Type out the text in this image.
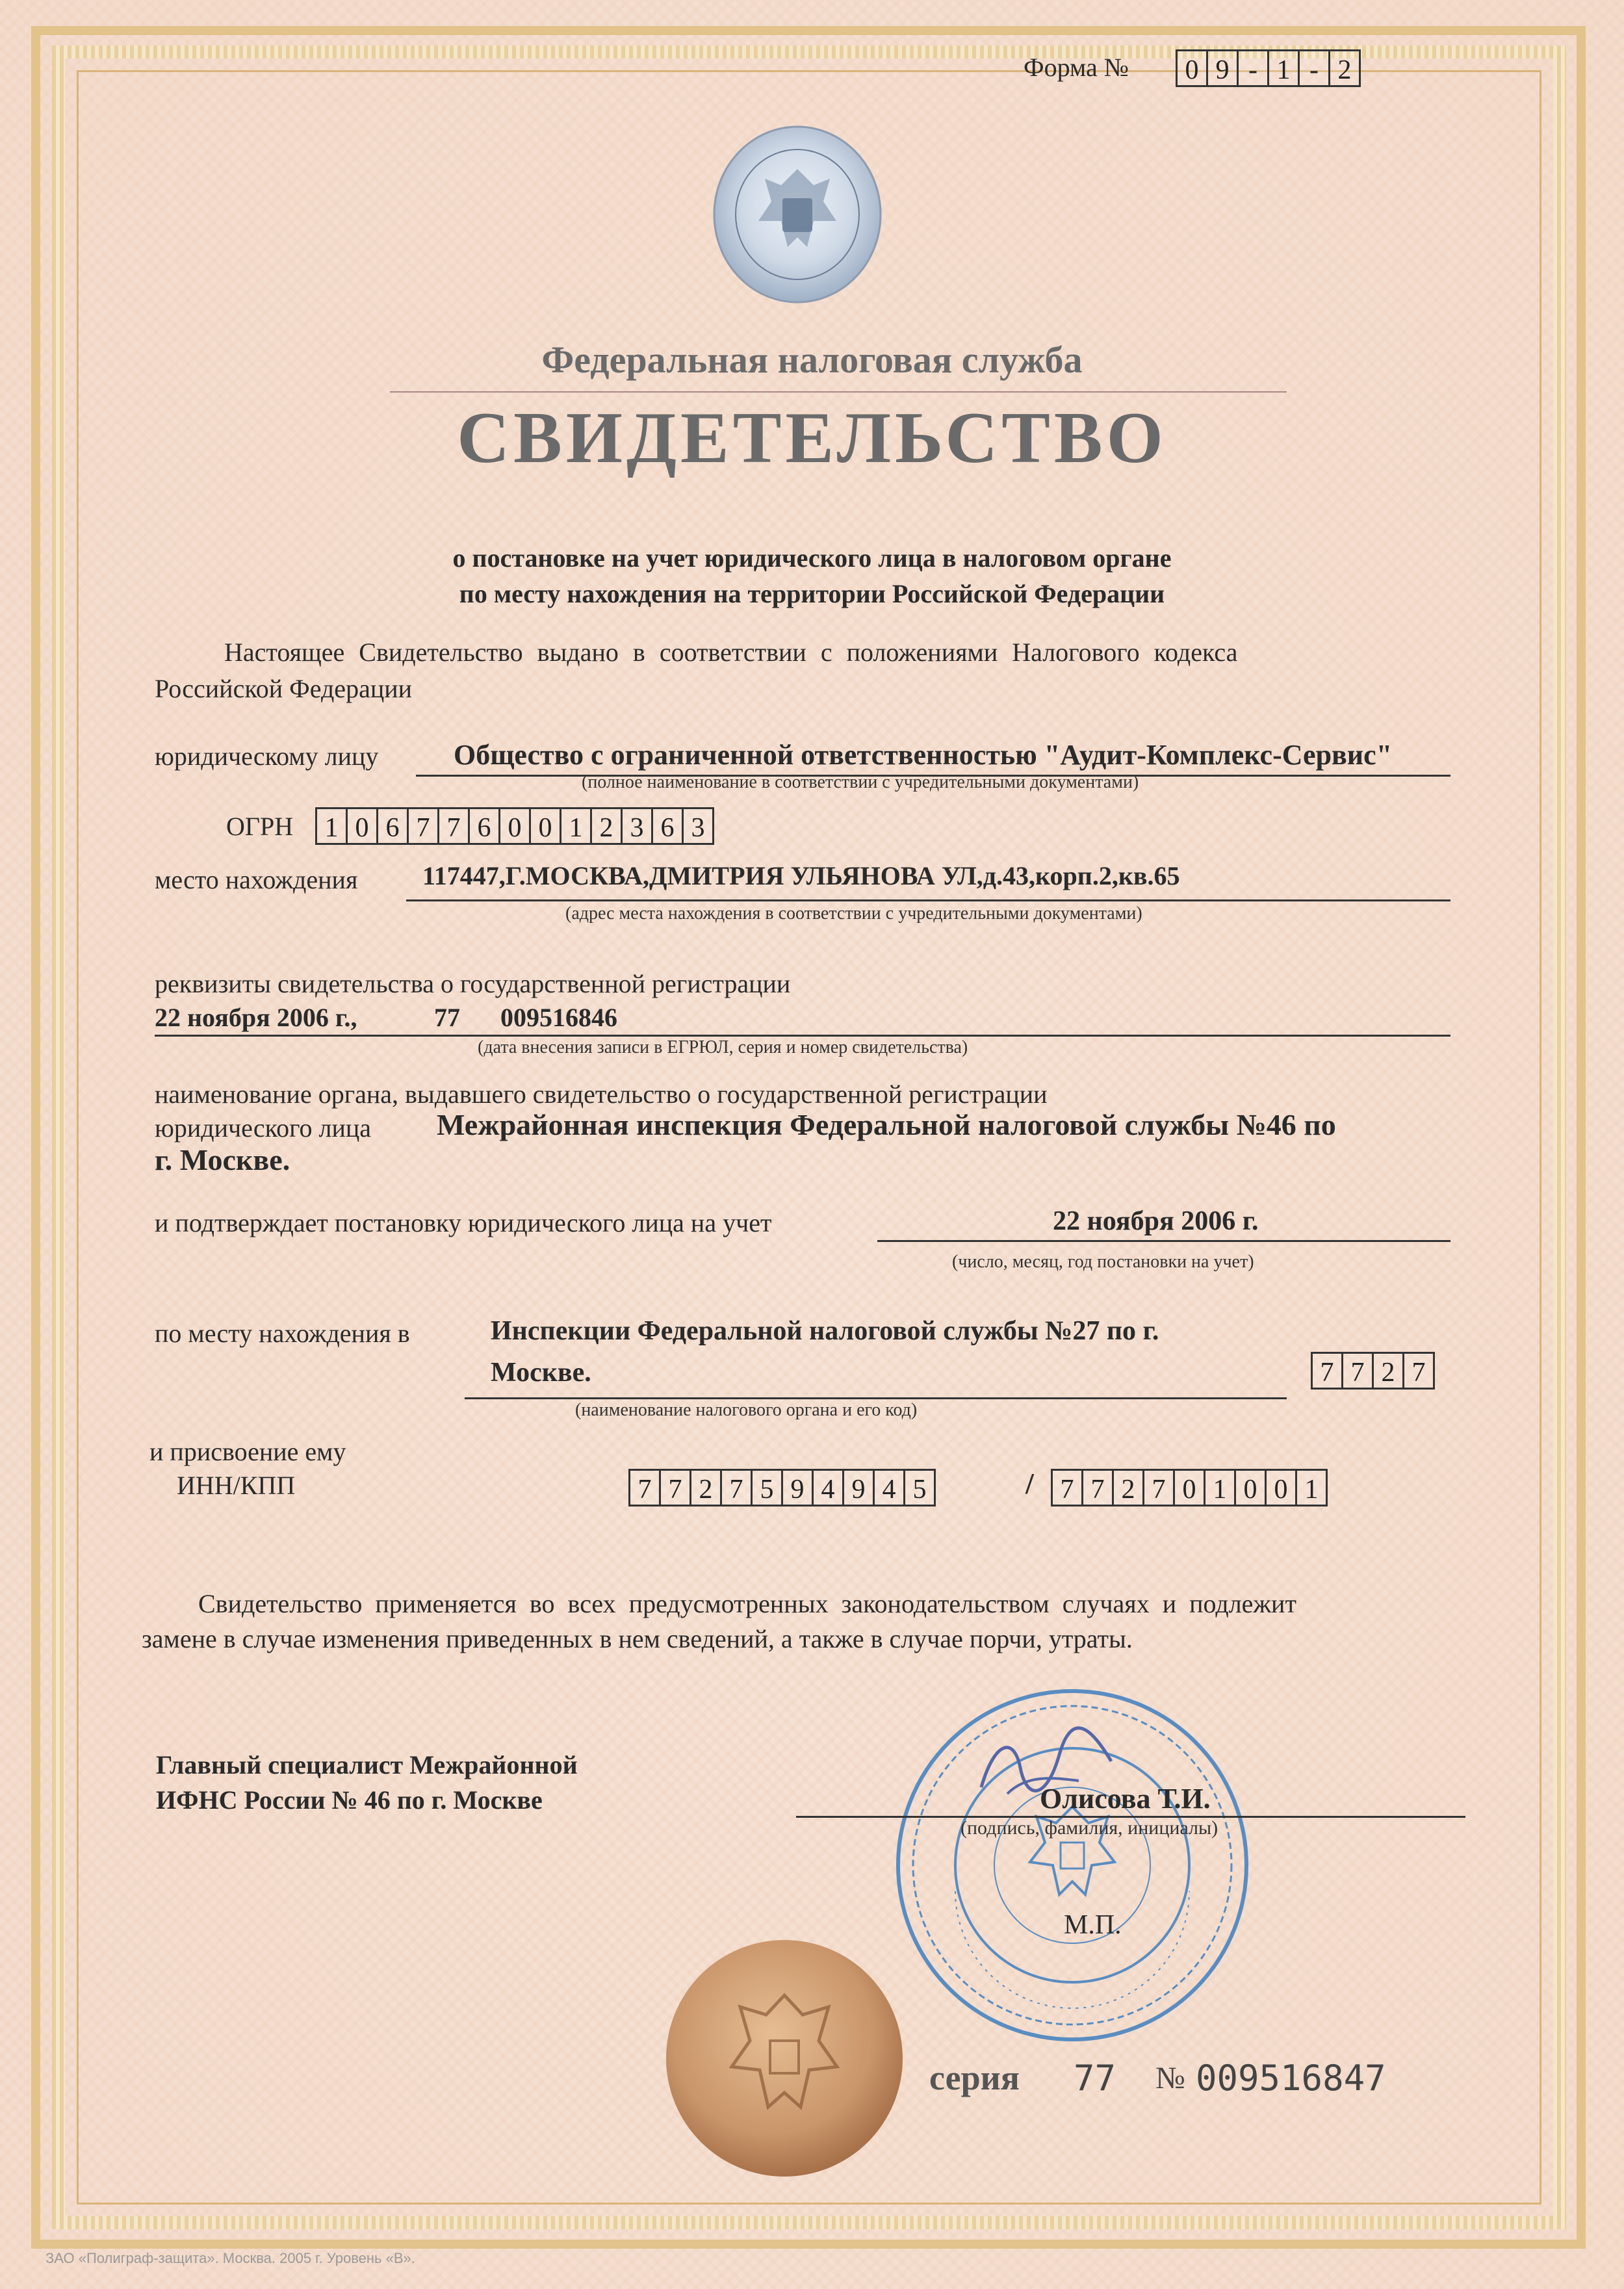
Форма №	0 9 - 1 - 2
Федеральная налоговая служба
СВИДЕТЕЛЬСТВО
о постановке на учет юридического лица в налоговом органе
по месту нахождения на территории Российской Федерации
Настоящее Свидетельство выдано в соответствии с положениями Налогового кодекса
Российской Федерации
юридическому лицу	Общество с ограниченной ответственностью "Аудит-Комплекс-Сервис"
(полное наименование в соответствии с учредительными документами)
ОГРН	1 0 6 7 7 6 0 0 1 2 3 6 3
место нахождения 117447,Г.МОСКВА,ДМИТРИЯ УЛЬЯНОВА УЛ,д.43,корп.2,кв.65
(адрес места нахождения в соответствии с учредительными документами)
реквизиты свидетельства о государственной регистрации
22 ноября 2006 г.,	77 009516846
(дата внесения записи в ЕГРЮЛ, серия и номер свидетельства)
наименование органа, выдавшего свидетельство о государственной регистрации
юридического лица Межрайонная инспекция Федеральной налоговой службы №46 по
г. Москве.
и подтверждает постановку юридического лица на учет	22 ноября 2006 г.
(число, месяц, год постановки на учет)
по месту нахождения в	Инспекции Федеральной налоговой службы №27 по г.
Москве.	7 7 2 7
(наименование налогового органа и его код)
и присвоение ему
ИНН/КПП	7 7 2 7 5 9 4 9 4 5	/ 7 7 2 7 0 1 0 0 1
Свидетельство применяется во всех предусмотренных законодательством случаях и подлежит
замене в случае изменения приведенных в нем сведений, а также в случае порчи, утраты.
Главный специалист Межрайонной
ИФНС России № 46 по г. Москве	Олисова Т.И.
(подпись, фамилия, инициалы)
М.П.
серия 77 № 009516847
ЗАО «Полиграф-защита». Москва. 2005 г. Уровень «В».
